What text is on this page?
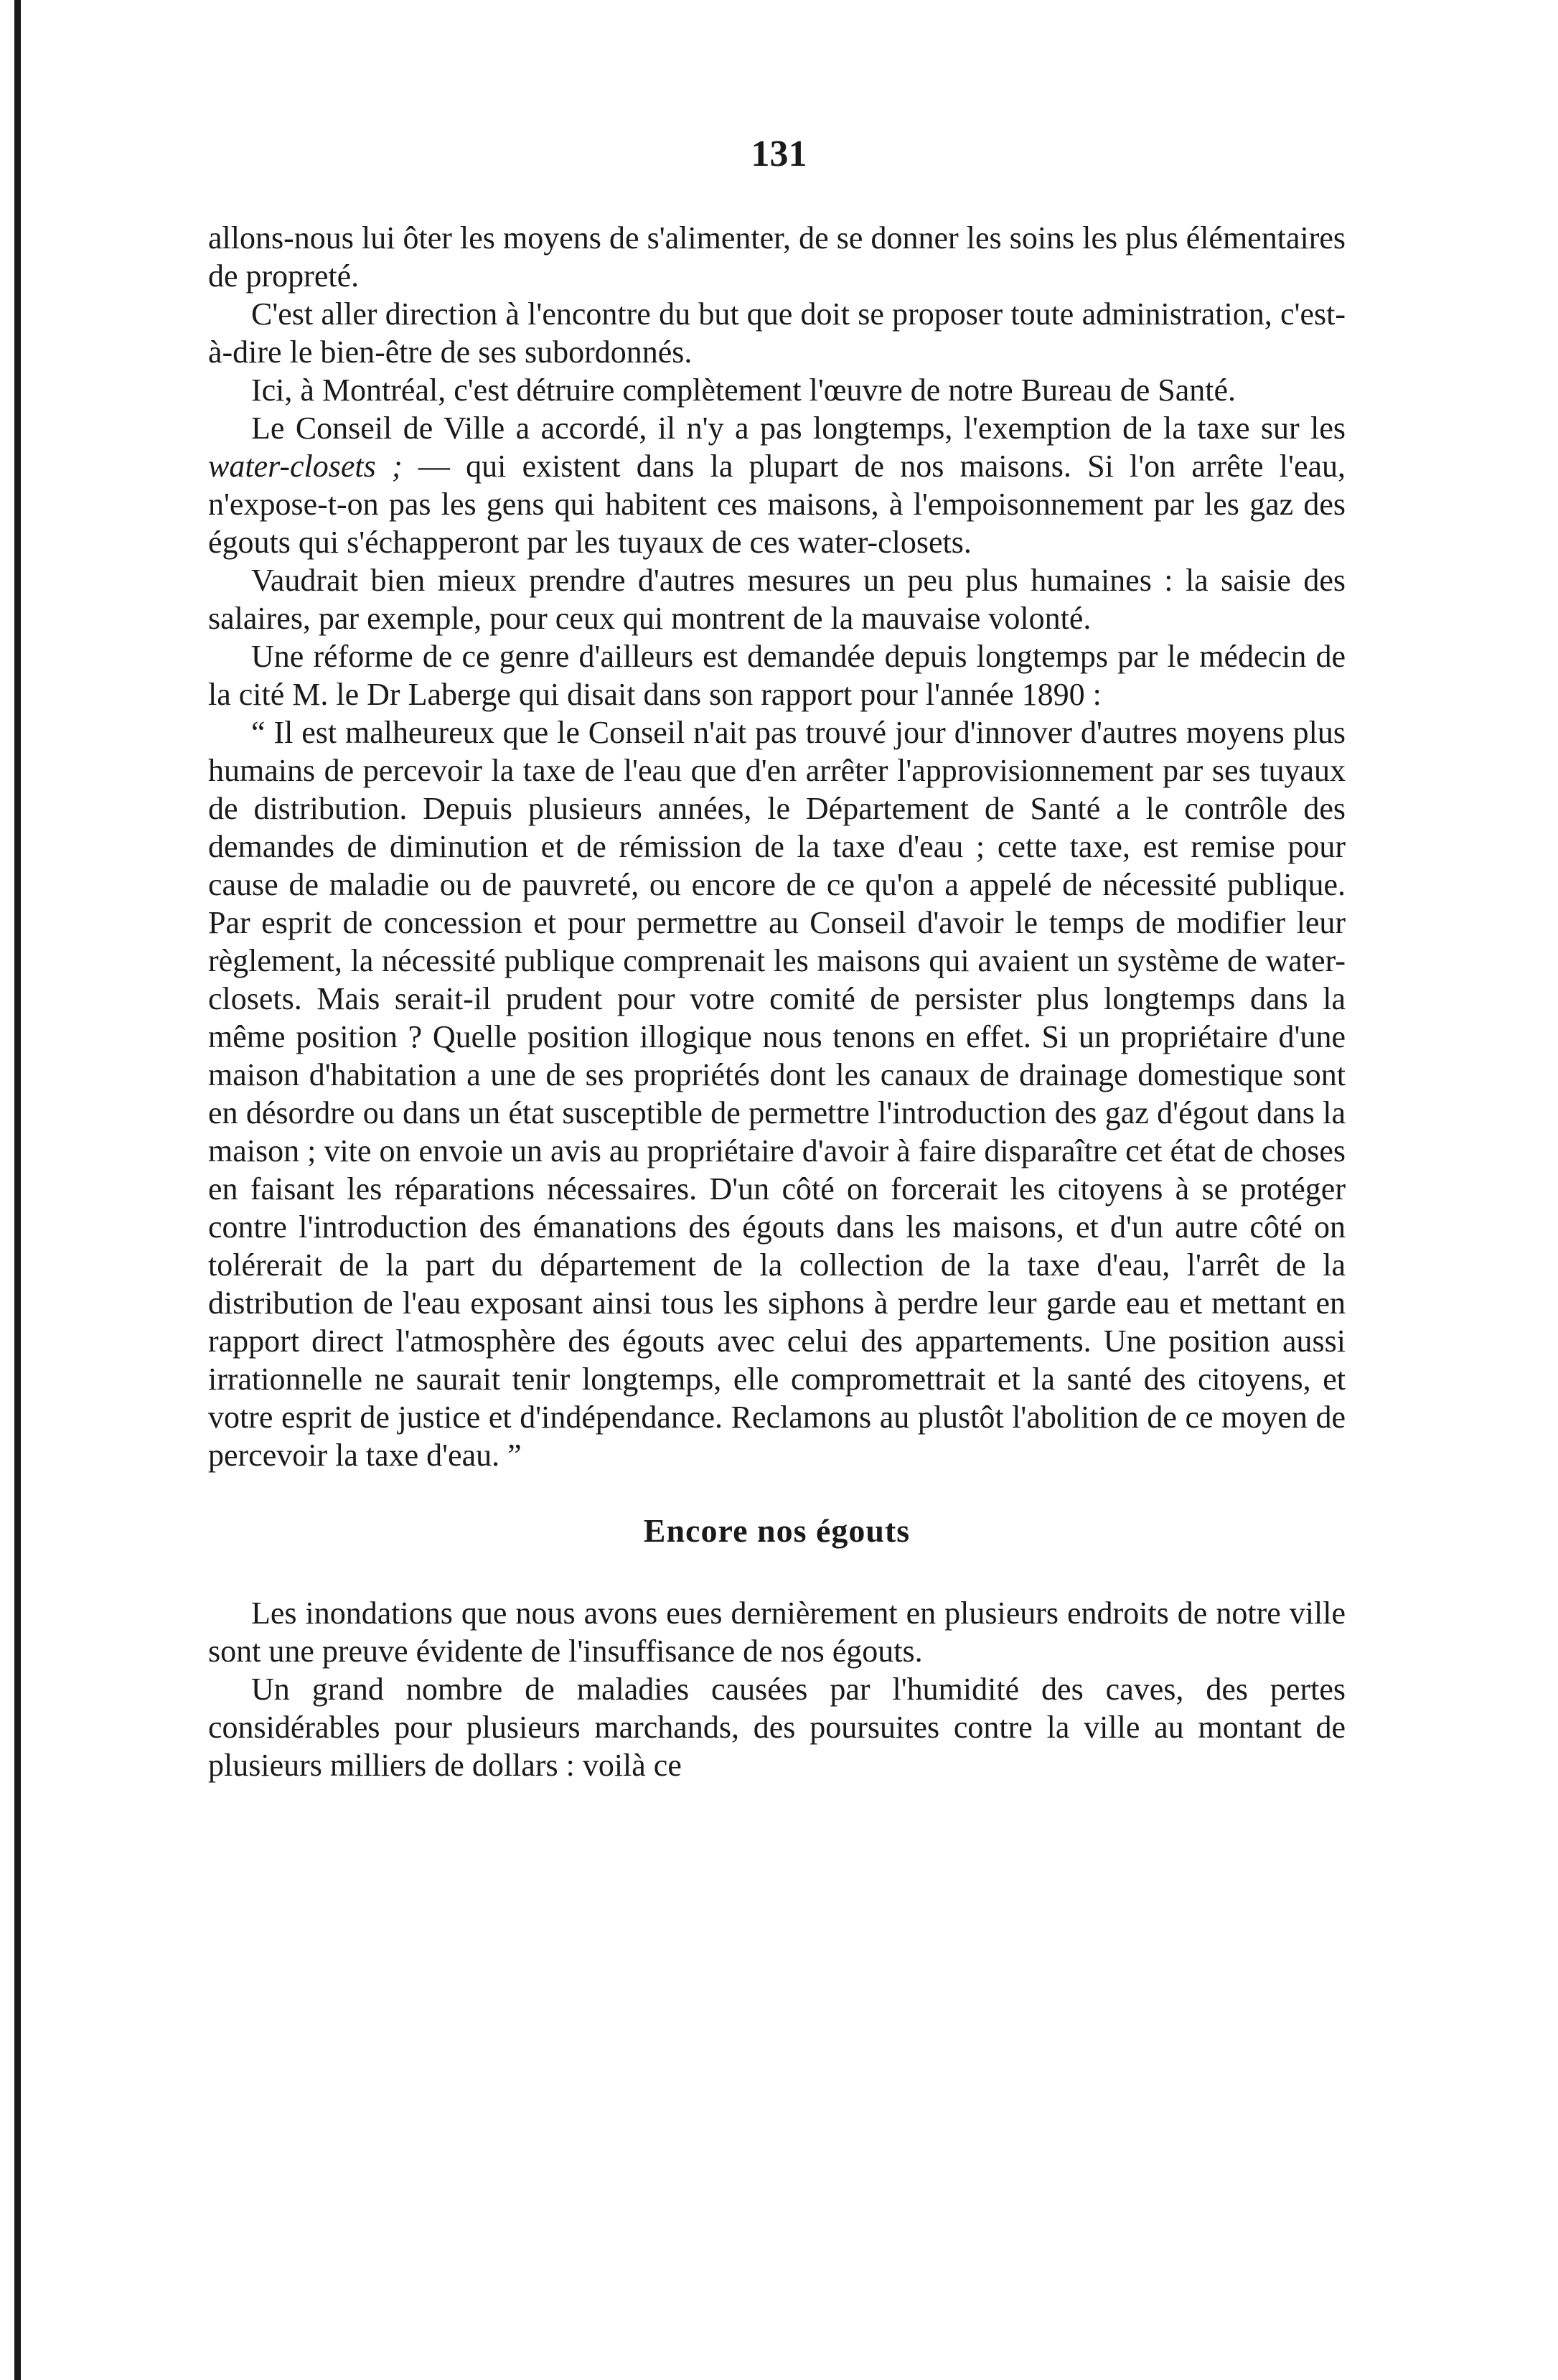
131

allons-nous lui ôter les moyens de s'alimenter, de se donner les soins les plus élémentaires de propreté.

C'est aller direction à l'encontre du but que doit se proposer toute administration, c'est-à-dire le bien-être de ses subordonnés.

Ici, à Montréal, c'est détruire complètement l'œuvre de notre Bureau de Santé.

Le Conseil de Ville a accordé, il n'y a pas longtemps, l'exemption de la taxe sur les water-closets ; — qui existent dans la plupart de nos maisons. Si l'on arrête l'eau, n'expose-t-on pas les gens qui habitent ces maisons, à l'empoisonnement par les gaz des égouts qui s'échapperont par les tuyaux de ces water-closets.

Vaudrait bien mieux prendre d'autres mesures un peu plus humaines : la saisie des salaires, par exemple, pour ceux qui montrent de la mauvaise volonté.

Une réforme de ce genre d'ailleurs est demandée depuis longtemps par le médecin de la cité M. le Dr Laberge qui disait dans son rapport pour l'année 1890 :

“ Il est malheureux que le Conseil n'ait pas trouvé jour d'innover d'autres moyens plus humains de percevoir la taxe de l'eau que d'en arrêter l'approvisionnement par ses tuyaux de distribution. Depuis plusieurs années, le Département de Santé a le contrôle des demandes de diminution et de rémission de la taxe d'eau ; cette taxe, est remise pour cause de maladie ou de pauvreté, ou encore de ce qu'on a appelé de nécessité publique. Par esprit de concession et pour permettre au Conseil d'avoir le temps de modifier leur règlement, la nécessité publique comprenait les maisons qui avaient un système de water-closets. Mais serait-il prudent pour votre comité de persister plus longtemps dans la même position ? Quelle position illogique nous tenons en effet. Si un propriétaire d'une maison d'habitation a une de ses propriétés dont les canaux de drainage domestique sont en désordre ou dans un état susceptible de permettre l'introduction des gaz d'égout dans la maison ; vite on envoie un avis au propriétaire d'avoir à faire disparaître cet état de choses en faisant les réparations nécessaires. D'un côté on forcerait les citoyens à se protéger contre l'introduction des émanations des égouts dans les maisons, et d'un autre côté on tolérerait de la part du département de la collection de la taxe d'eau, l'arrêt de la distribution de l'eau exposant ainsi tous les siphons à perdre leur garde eau et mettant en rapport direct l'atmosphère des égouts avec celui des appartements. Une position aussi irrationnelle ne saurait tenir longtemps, elle compromettrait et la santé des citoyens, et votre esprit de justice et d'indépendance. Reclamons au plustôt l'abolition de ce moyen de percevoir la taxe d'eau. ”

Encore nos égouts

Les inondations que nous avons eues dernièrement en plusieurs endroits de notre ville sont une preuve évidente de l'insuffisance de nos égouts.

Un grand nombre de maladies causées par l'humidité des caves, des pertes considérables pour plusieurs marchands, des poursuites contre la ville au montant de plusieurs milliers de dollars : voilà ce
